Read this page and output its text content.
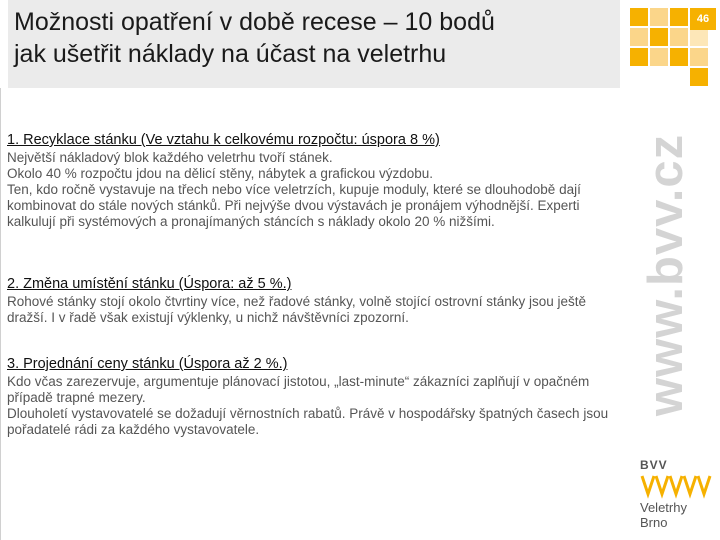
Možnosti opatření v době recese – 10 bodů
jak ušetřit náklady na účast na veletrhu
46
www.bvv.cz

1. Recyklace stánku (Ve vztahu k celkovému rozpočtu: úspora 8 %)

Největší nákladový blok každého veletrhu tvoří stánek.
Okolo 40 % rozpočtu jdou na dělicí stěny, nábytek a grafickou výzdobu.
Ten, kdo ročně vystavuje na třech nebo více veletrzích, kupuje moduly, které se dlouhodobě dají kombinovat do stále nových stánků. Při nejvýše dvou výstavách je pronájem výhodnější. Experti kalkulují při systémových a pronajímaných stáncích s náklady okolo 20 % nižšími.

2. Změna umístění stánku (Úspora: až 5 %.)

Rohové stánky stojí okolo čtvrtiny více, než řadové stánky, volně stojící ostrovní stánky jsou ještě dražší. I v řadě však existují výklenky, u nichž návštěvníci zpozorní.

3. Projednání ceny stánku (Úspora až 2 %.)

Kdo včas zarezervuje, argumentuje plánovací jistotou, „last-minute“ zákazníci zaplňují v opačném případě trapné mezery.
Dlouholetí vystavovatelé se dožadují věrnostních rabatů. Právě v hospodářsky špatných časech jsou pořadatelé rádi za každého vystavovatele.

BVV
Veletrhy
Brno
